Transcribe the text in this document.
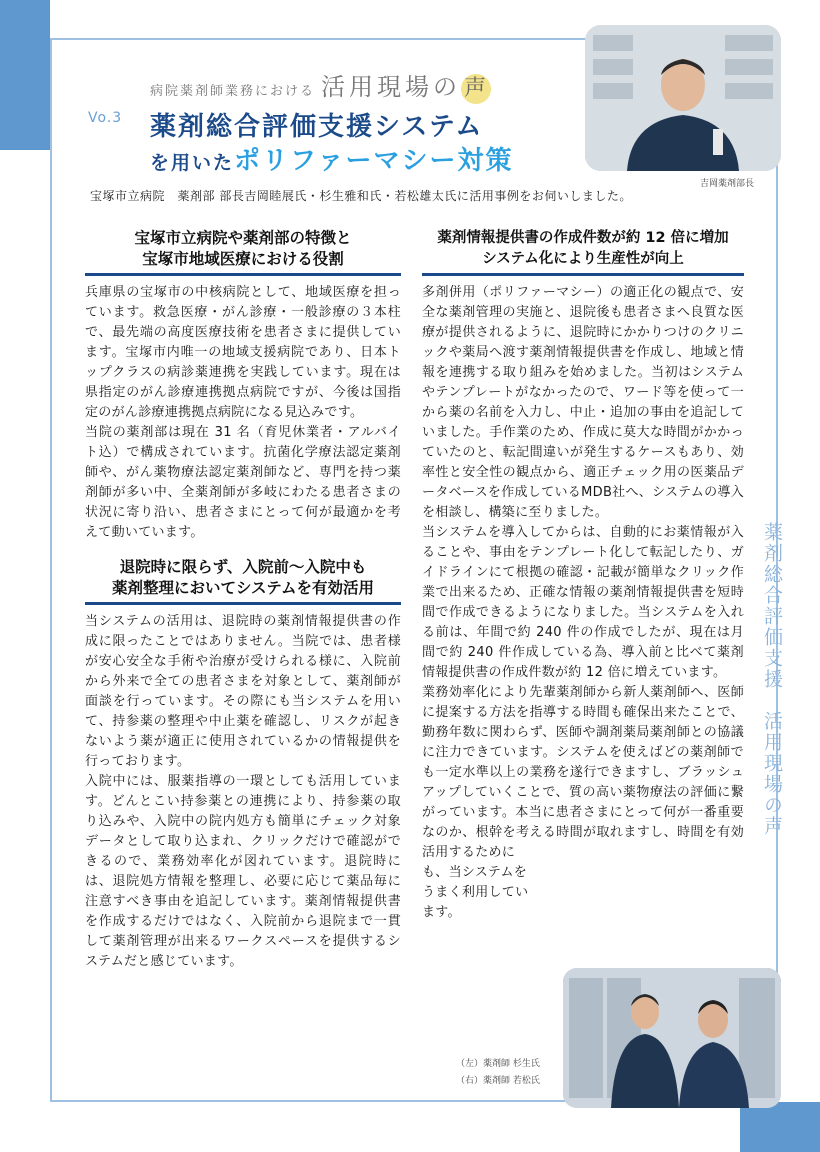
Vo.3
病院薬剤師業務における 活用現場の 声
薬剤総合評価支援システム
を用いたポリファーマシー対策
吉岡薬剤部長
宝塚市立病院　薬剤部 部長吉岡睦展氏・杉生雅和氏・若松雄太氏に活用事例をお伺いしました。
宝塚市立病院や薬剤部の特徴と
宝塚市地域医療における役割
兵庫県の宝塚市の中核病院として、地域医療を担っています。救急医療・がん診療・一般診療の３本柱で、最先端の高度医療技術を患者さまに提供しています。宝塚市内唯一の地域支援病院であり、日本トップクラスの病診薬連携を実践しています。現在は県指定のがん診療連携拠点病院ですが、今後は国指定のがん診療連携拠点病院になる見込みです。
当院の薬剤部は現在 31 名（育児休業者・アルバイト込）で構成されています。抗菌化学療法認定薬剤師や、がん薬物療法認定薬剤師など、専門を持つ薬剤師が多い中、全薬剤師が多岐にわたる患者さまの状況に寄り沿い、患者さまにとって何が最適かを考えて動いています。
退院時に限らず、入院前～入院中も
薬剤整理においてシステムを有効活用
当システムの活用は、退院時の薬剤情報提供書の作成に限ったことではありません。当院では、患者様が安心安全な手術や治療が受けられる様に、入院前から外来で全ての患者さまを対象として、薬剤師が面談を行っています。その際にも当システムを用いて、持参薬の整理や中止薬を確認し、リスクが起きないよう薬が適正に使用されているかの情報提供を行っております。
入院中には、服薬指導の一環としても活用しています。どんとこい持参薬との連携により、持参薬の取り込みや、入院中の院内処方も簡単にチェック対象データとして取り込まれ、クリックだけで確認ができるので、業務効率化が図れています。退院時には、退院処方情報を整理し、必要に応じて薬品毎に注意すべき事由を追記しています。薬剤情報提供書を作成するだけではなく、入院前から退院まで一貫して薬剤管理が出来るワークスペースを提供するシステムだと感じています。
薬剤情報提供書の作成件数が約 12 倍に増加
システム化により生産性が向上
多剤併用（ポリファーマシー）の適正化の観点で、安全な薬剤管理の実施と、退院後も患者さまへ良質な医療が提供されるように、退院時にかかりつけのクリニックや薬局へ渡す薬剤情報提供書を作成し、地域と情報を連携する取り組みを始めました。当初はシステムやテンプレートがなかったので、ワード等を使って一から薬の名前を入力し、中止・追加の事由を追記していました。手作業のため、作成に莫大な時間がかかっていたのと、転記間違いが発生するケースもあり、効率性と安全性の観点から、適正チェック用の医薬品データベースを作成しているMDB社へ、システムの導入を相談し、構築に至りました。
当システムを導入してからは、自動的にお薬情報が入ることや、事由をテンプレート化して転記したり、ガイドラインにて根拠の確認・記載が簡単なクリック作業で出来るため、正確な情報の薬剤情報提供書を短時間で作成できるようになりました。当システムを入れる前は、年間で約 240 件の作成でしたが、現在は月間で約 240 件作成している為、導入前と比べて薬剤情報提供書の作成件数が約 12 倍に増えています。
業務効率化により先輩薬剤師から新人薬剤師へ、医師に提案する方法を指導する時間も確保出来たことで、勤務年数に関わらず、医師や調剤薬局薬剤師との協議に注力できています。システムを使えばどの薬剤師でも一定水準以上の業務を遂行できますし、ブラッシュアップしていくことで、質の高い薬物療法の評価に繋がっています。本当に患者さまにとって何が一番重要なのか、根幹を考える時間が取れますし、時間を有効活用するために
も、当システムを
うまく利用してい
ます。
薬剤総合評価支援　活用現場の声
（左）薬剤師 杉生氏
（右）薬剤師 若松氏
